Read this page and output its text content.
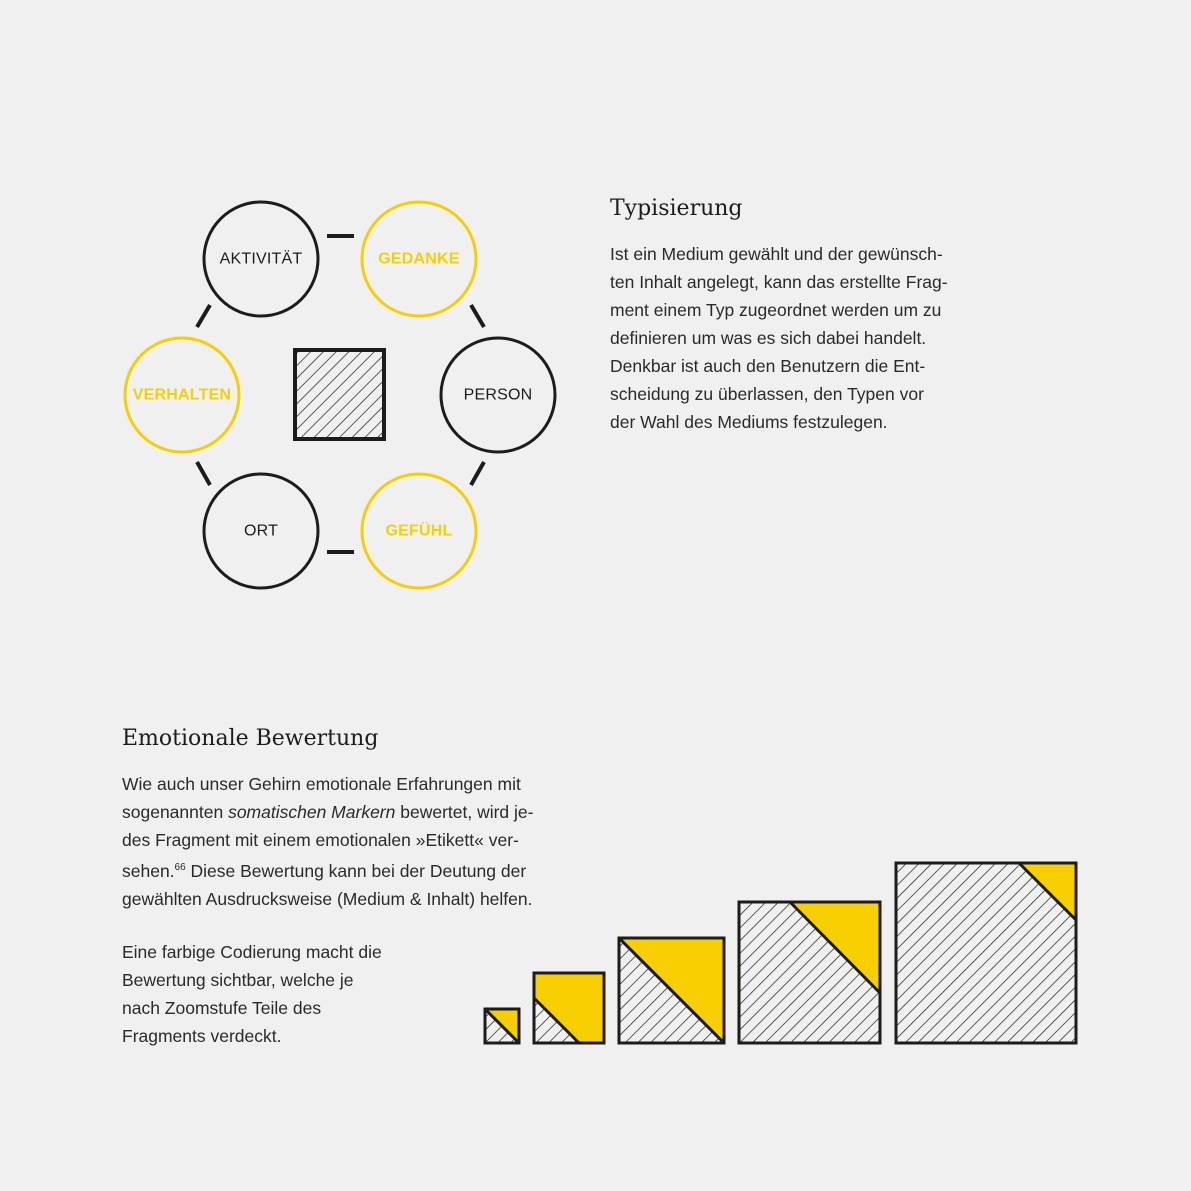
AKTIVITÄT	GEDANKE
PERSON
GEFÜHL
ORT
VERHALTEN
Typisierung

Ist ein Medium gewählt und der gewünsch-
ten Inhalt angelegt, kann das erstellte Frag-
ment einem Typ zugeordnet werden um zu
definieren um was es sich dabei handelt.
Denkbar ist auch den Benutzern die Ent-
scheidung zu überlassen, den Typen vor
der Wahl des Mediums festzulegen.

Emotionale Bewertung

Wie auch unser Gehirn emotionale Erfahrungen mit
sogenannten somatischen Markern bewertet, wird je-
des Fragment mit einem emotionalen »Etikett« ver-
sehen.$^{66}$ Diese Bewertung kann bei der Deutung der
gewählten Ausdrucksweise (Medium & Inhalt) helfen.

Eine farbige Codierung macht die
Bewertung sichtbar, welche je
nach Zoomstufe Teile des
Fragments verdeckt.
